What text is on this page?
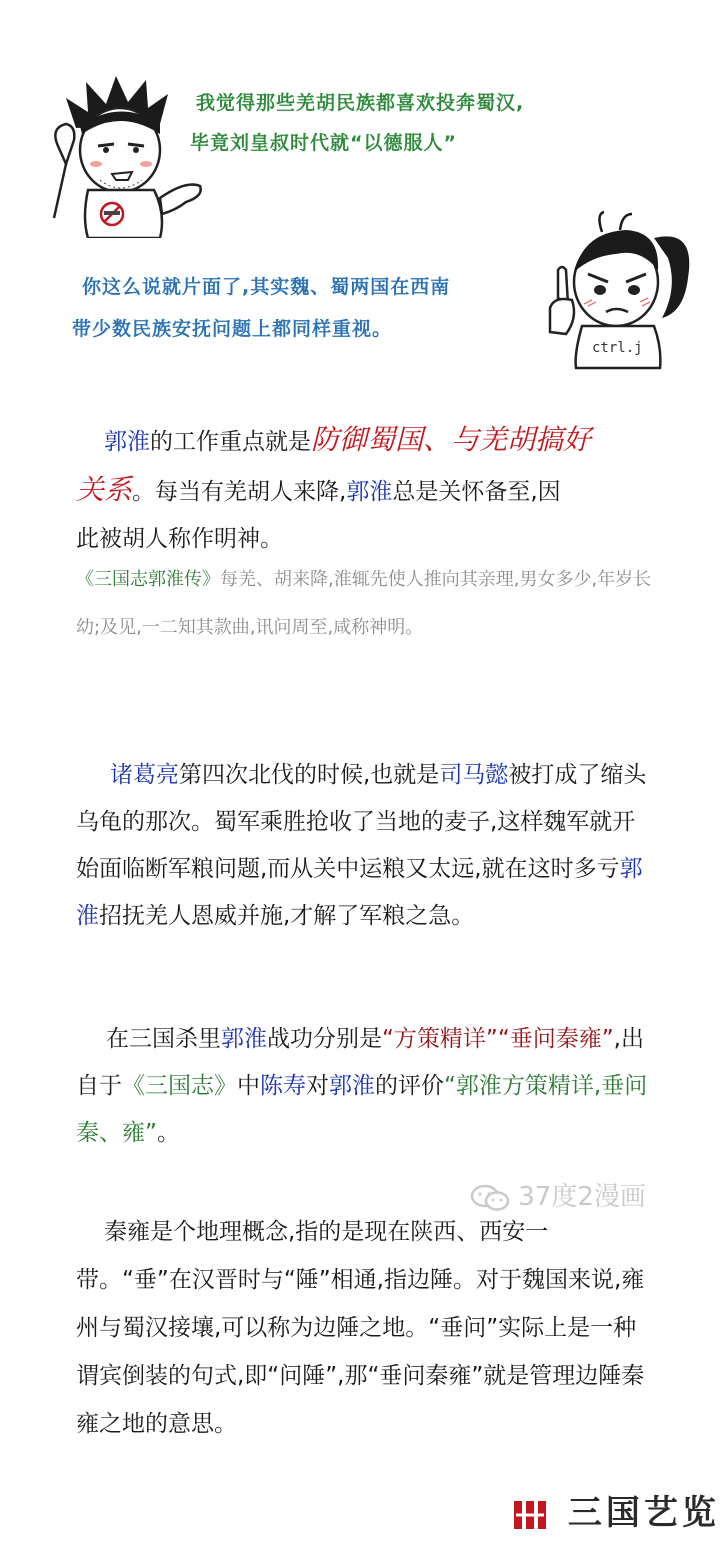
我觉得那些羌胡民族都喜欢投奔蜀汉,
毕竟刘皇叔时代就“以德服人”
ctrl.j
你这么说就片面了,其实魏、蜀两国在西南
带少数民族安抚问题上都同样重视。
郭淮的工作重点就是防御蜀国、与羌胡搞好
关系。每当有羌胡人来降,郭淮总是关怀备至,因
此被胡人称作明神。
《三国志郭淮传》每羌、胡来降,淮辄先使人推向其亲理,男女多少,年岁长幼;及见,一二知其款曲,讯问周至,咸称神明。
诸葛亮第四次北伐的时候,也就是司马懿被打成了缩头乌龟的那次。蜀军乘胜抢收了当地的麦子,这样魏军就开始面临断军粮问题,而从关中运粮又太远,就在这时多亏郭淮招抚羌人恩威并施,才解了军粮之急。
在三国杀里郭淮战功分别是“方策精详”“垂问秦雍”,出自于《三国志》中陈寿对郭淮的评价“郭淮方策精详,垂问秦、雍”。
37度2漫画
秦雍是个地理概念,指的是现在陕西、西安一带。“垂”在汉晋时与“陲”相通,指边陲。对于魏国来说,雍州与蜀汉接壤,可以称为边陲之地。“垂问”实际上是一种谓宾倒装的句式,即“问陲”,那“垂问秦雍”就是管理边陲秦雍之地的意思。
三国艺览
